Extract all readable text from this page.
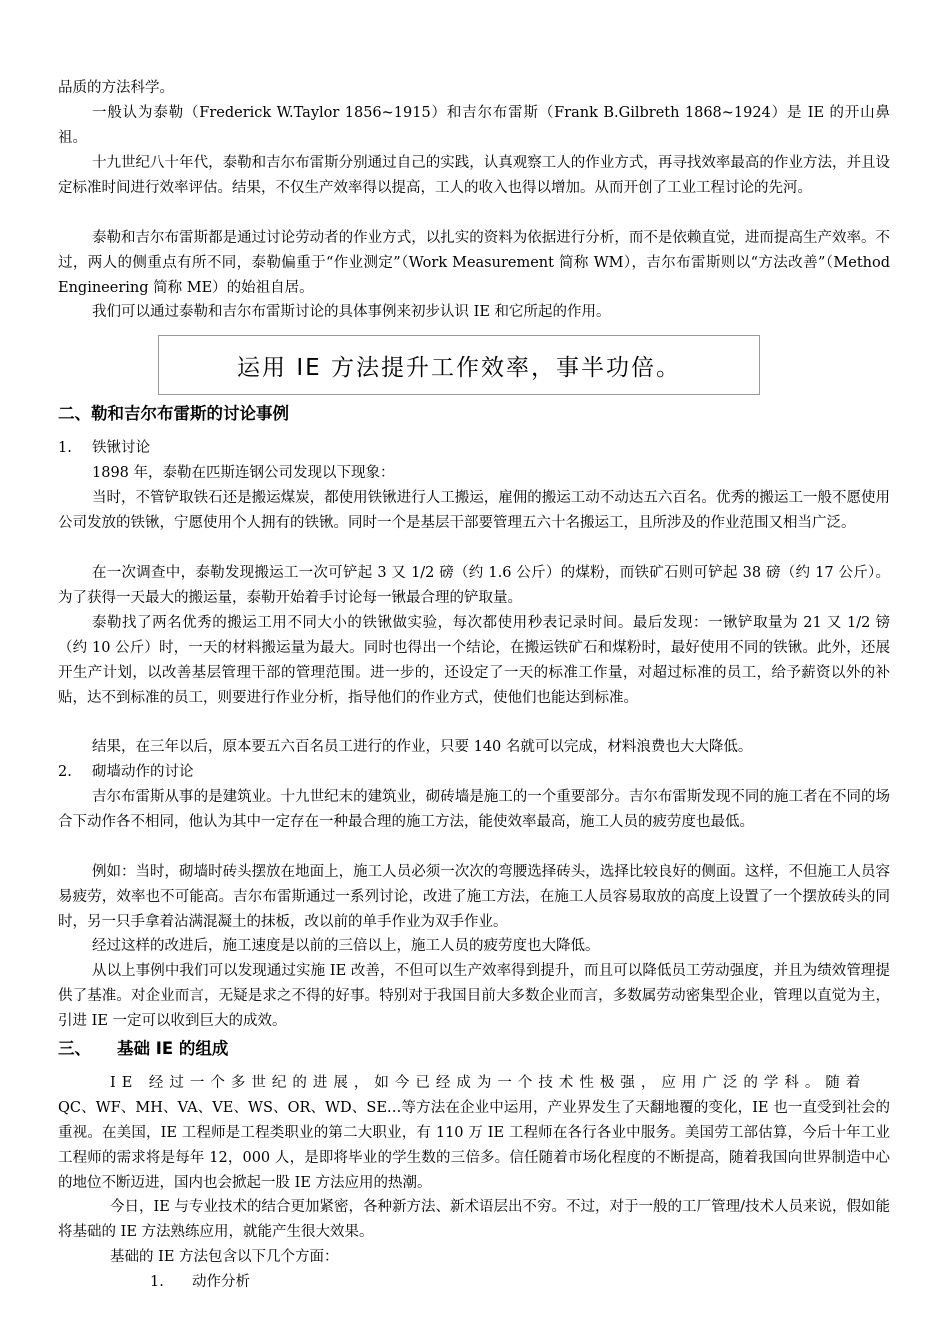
品质的方法科学。

一般认为泰勒（Frederick W.Taylor 1856~1915）和吉尔布雷斯（Frank B.Gilbreth 1868~1924）是 IE 的开山鼻祖。

十九世纪八十年代，泰勒和吉尔布雷斯分别通过自己的实践，认真观察工人的作业方式，再寻找效率最高的作业方法，并且设定标准时间进行效率评估。结果，不仅生产效率得以提高，工人的收入也得以增加。从而开创了工业工程讨论的先河。

泰勒和吉尔布雷斯都是通过讨论劳动者的作业方式，以扎实的资料为依据进行分析，而不是依赖直觉，进而提高生产效率。不过，两人的侧重点有所不同，泰勒偏重于“作业测定”（Work Measurement 简称 WM），吉尔布雷斯则以“方法改善”（Method Engineering 简称 ME）的始祖自居。

我们可以通过泰勒和吉尔布雷斯讨论的具体事例来初步认识 IE 和它所起的作用。

运用 IE 方法提升工作效率，事半功倍。
二、勒和吉尔布雷斯的讨论事例

1. 铁锹讨论

1898 年，泰勒在匹斯连钢公司发现以下现象：

当时，不管铲取铁石还是搬运煤炭，都使用铁锹进行人工搬运，雇佣的搬运工动不动达五六百名。优秀的搬运工一般不愿使用公司发放的铁锹，宁愿使用个人拥有的铁锹。同时一个是基层干部要管理五六十名搬运工，且所涉及的作业范围又相当广泛。

在一次调查中，泰勒发现搬运工一次可铲起 3 又 1/2 磅（约 1.6 公斤）的煤粉，而铁矿石则可铲起 38 磅（约 17 公斤）。为了获得一天最大的搬运量，泰勒开始着手讨论每一锹最合理的铲取量。

泰勒找了两名优秀的搬运工用不同大小的铁锹做实验，每次都使用秒表记录时间。最后发现：一锹铲取量为 21 又 1/2 镑（约 10 公斤）时，一天的材料搬运量为最大。同时也得出一个结论，在搬运铁矿石和煤粉时，最好使用不同的铁锹。此外，还展开生产计划，以改善基层管理干部的管理范围。进一步的，还设定了一天的标准工作量，对超过标准的员工，给予薪资以外的补贴，达不到标准的员工，则要进行作业分析，指导他们的作业方式，使他们也能达到标准。

结果，在三年以后，原本要五六百名员工进行的作业，只要 140 名就可以完成，材料浪费也大大降低。

2. 砌墙动作的讨论

吉尔布雷斯从事的是建筑业。十九世纪末的建筑业，砌砖墙是施工的一个重要部分。吉尔布雷斯发现不同的施工者在不同的场合下动作各不相同，他认为其中一定存在一种最合理的施工方法，能使效率最高，施工人员的疲劳度也最低。

例如：当时，砌墙时砖头摆放在地面上，施工人员必须一次次的弯腰选择砖头，选择比较良好的侧面。这样，不但施工人员容易疲劳，效率也不可能高。吉尔布雷斯通过一系列讨论，改进了施工方法，在施工人员容易取放的高度上设置了一个摆放砖头的同时，另一只手拿着沾满混凝土的抹板，改以前的单手作业为双手作业。

经过这样的改进后，施工速度是以前的三倍以上，施工人员的疲劳度也大降低。

从以上事例中我们可以发现通过实施 IE 改善，不但可以生产效率得到提升，而且可以降低员工劳动强度，并且为绩效管理提供了基准。对企业而言，无疑是求之不得的好事。特别对于我国目前大多数企业而言，多数属劳动密集型企业，管理以直觉为主，引进 IE 一定可以收到巨大的成效。

三、 基础 IE 的组成

IE 经过一个多世纪的进展，如今已经成为一个技术性极强，应用广泛的学科。随着

QC、WF、MH、VA、VE、WS、OR、WD、SE…等方法在企业中运用，产业界发生了天翻地覆的变化，IE 也一直受到社会的重视。在美国，IE 工程师是工程类职业的第二大职业，有 110 万 IE 工程师在各行各业中服务。美国劳工部估算，今后十年工业工程师的需求将是每年 12，000 人，是即将毕业的学生数的三倍多。信任随着市场化程度的不断提高，随着我国向世界制造中心的地位不断迈进，国内也会掀起一股 IE 方法应用的热潮。

今日，IE 与专业技术的结合更加紧密，各种新方法、新术语层出不穷。不过，对于一般的工厂管理/技术人员来说，假如能将基础的 IE 方法熟练应用，就能产生很大效果。

基础的 IE 方法包含以下几个方面：

1. 动作分析
